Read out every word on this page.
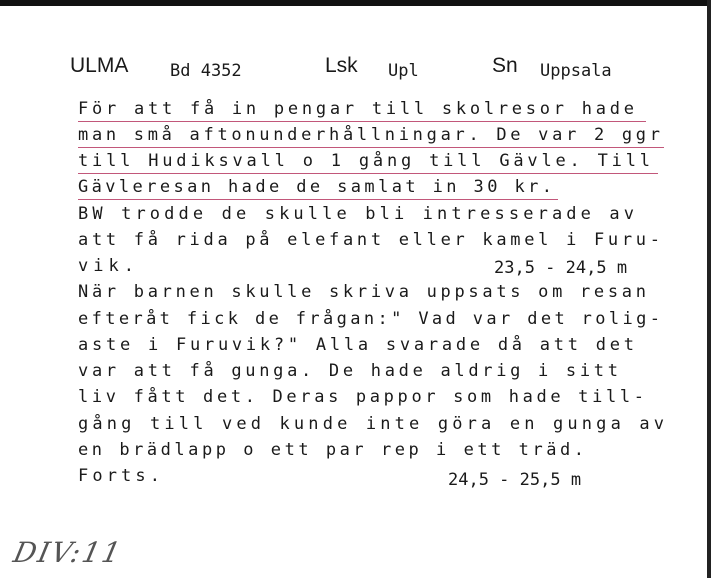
ULMA Bd 4352	Lsk Upl	Sn Uppsala
För att få in pengar till skolresor hade
man små aftonunderhållningar. De var 2 ggr
till Hudiksvall o 1 gång till Gävle. Till
Gävleresan hade de samlat in 30 kr.
BW trodde de skulle bli intresserade av
att få rida på elefant eller kamel i Furu-
vik.	23,5 - 24,5 m
När barnen skulle skriva uppsats om resan
efteråt fick de frågan:" Vad var det rolig-
aste i Furuvik?" Alla svarade då att det
var att få gunga. De hade aldrig i sitt
liv fått det. Deras pappor som hade till-
gång till ved kunde inte göra en gunga av
en brädlapp o ett par rep i ett träd.
Forts.	24,5 - 25,5 m
DIV:11
